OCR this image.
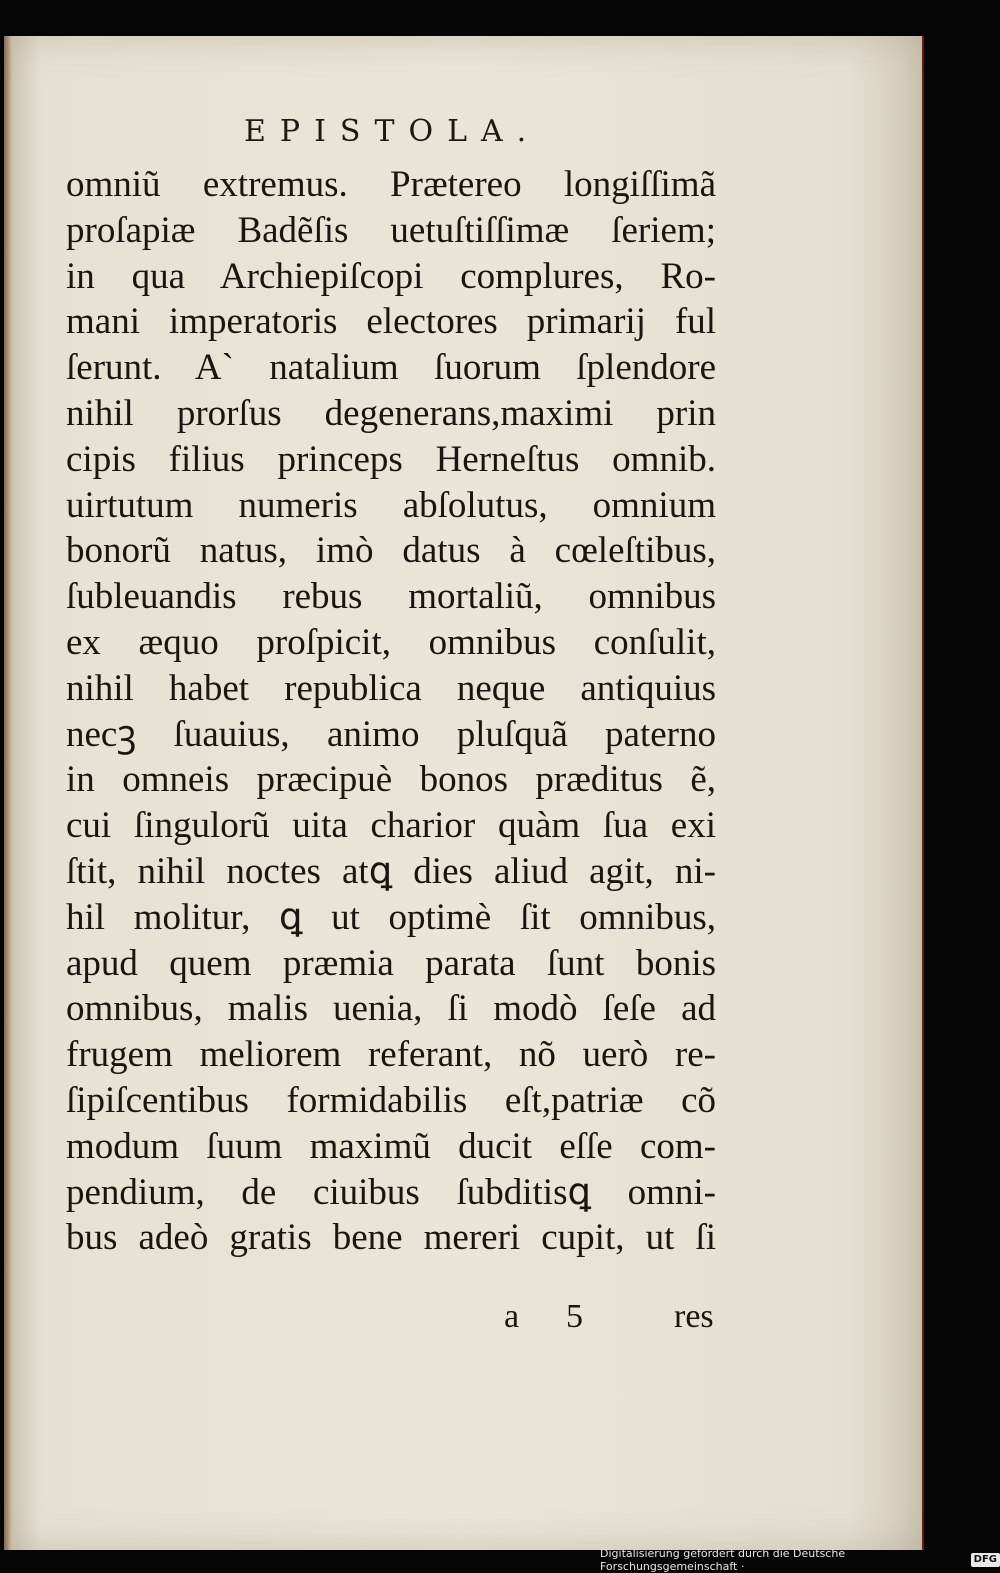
EPISTOLA.
omniũ extremus. Prætereo longiſſimã
proſapiæ Badẽſis uetuſtiſſimæ ſeriem;
in qua Archiepiſcopi complures, Ro-
mani imperatoris electores primarij ful
ſerunt. A` natalium ſuorum ſplendore
nihil prorſus degenerans,maximi prin
cipis filius princeps Herneſtus omnib.
uirtutum numeris abſolutus, omnium
bonorũ natus, imò datus à cœleſtibus,
ſubleuandis rebus mortaliũ, omnibus
ex æquo proſpicit, omnibus conſulit,
nihil habet republica neque antiquius
necꝫ ſuauius, animo pluſquã paterno
in omneis præcipuè bonos præditus ẽ,
cui ſingulorũ uita charior quàm ſua exi
ſtit, nihil noctes atꝗ dies aliud agit, ni-
hil molitur, ꝗ ut optimè ſit omnibus,
apud quem præmia parata ſunt bonis
omnibus, malis uenia, ſi modò ſeſe ad
frugem meliorem referant, nõ uerò re-
ſipiſcentibus formidabilis eſt,patriæ cõ
modum ſuum maximũ ducit eſſe com-
pendium, de ciuibus ſubditisꝗ omni-
bus adeò gratis bene mereri cupit, ut ſi
a 5	res
Digitalisierung gefördert durch die Deutsche Forschungsgemeinschaft ·
DFG
